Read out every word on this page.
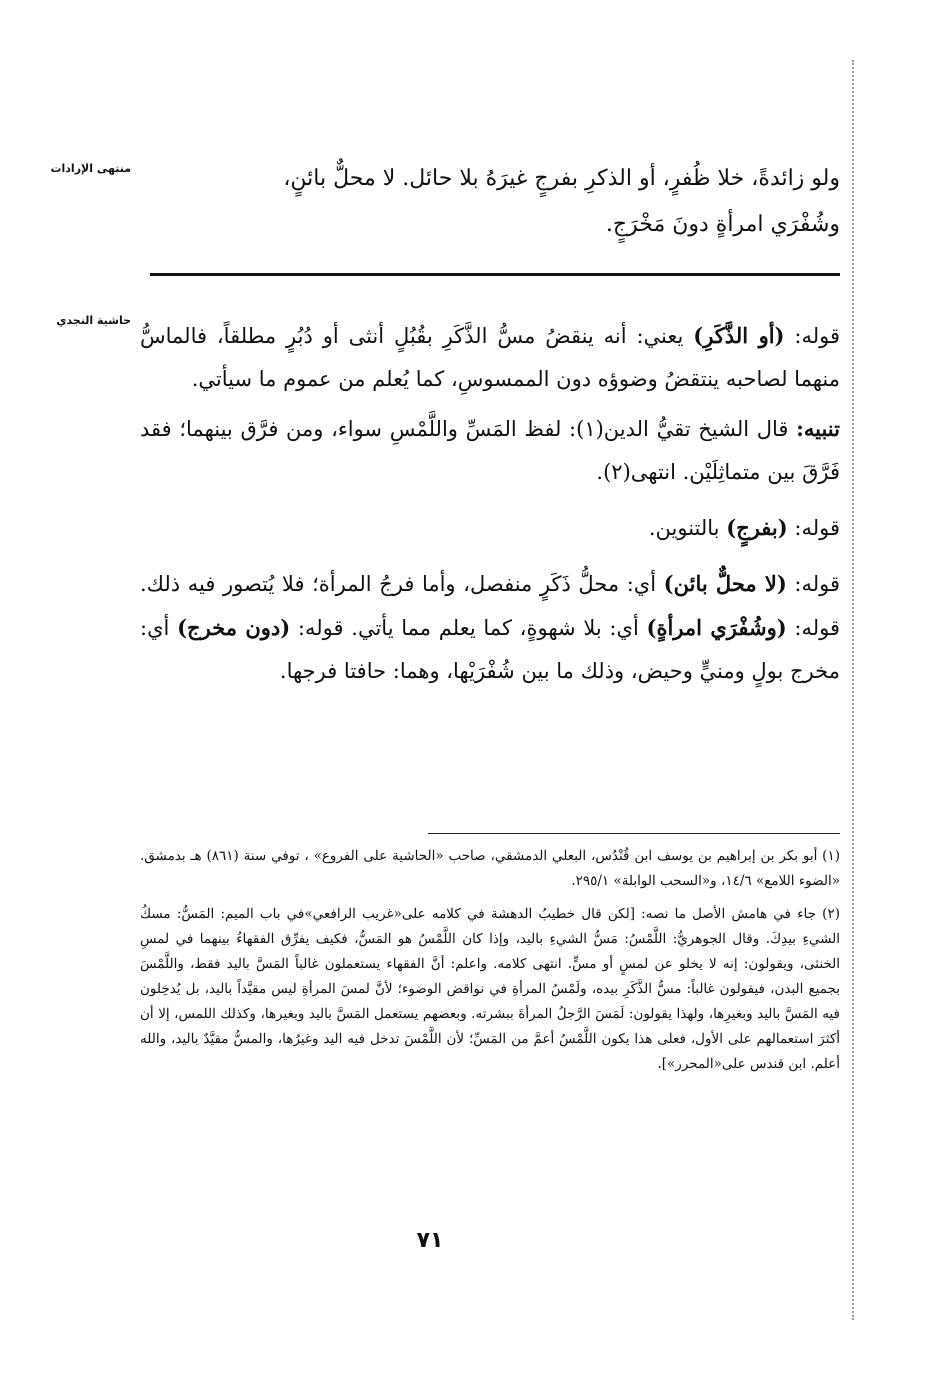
منتهى الإرادات
حاشية النجدي

ولو زائدةً، خلا ظُفرٍ، أو الذكرِ بفرجٍ غيرَهُ بلا حائل. لا محلٌّ بائنٍ،

وشُفْرَي امرأةٍ دونَ مَخْرَجٍ.

قوله: (أو الذَّكَرِ) يعني: أنه ينقضُ مسُّ الذَّكَرِ بقُبُلٍ أنثى أو دُبُرٍ مطلقاً، فالماسُّ منهما لصاحبه ينتقضُ وضوؤه دون الممسوسِ، كما يُعلم من عموم ما سيأتي.

تنبيه: قال الشيخ تقيُّ الدين(١): لفظ المَسِّ واللَّمْسِ سواء، ومن فرَّق بينهما؛ فقد فَرَّقَ بين متماثِلَيْن. انتهى(٢).

قوله: (بفرجٍ) بالتنوين.

قوله: (لا محلٌّ بائن) أي: محلُّ ذَكَرٍ منفصل، وأما فرجُ المرأة؛ فلا يُتصور فيه ذلك. قوله: (وشُفْرَي امرأةٍ) أي: بلا شهوةٍ، كما يعلم مما يأتي. قوله: (دون مخرج) أي: مخرج بولٍ ومنيٍّ وحيض، وذلك ما بين شُفْرَيْها، وهما: حافتا فرجها.

(١) أبو بكر بن إبراهيم بن يوسف ابن قُنْدُس، البعلي الدمشقي، صاحب «الحاشية على الفروع» ، توفي سنة (٨٦١) هـ بدمشق. «الضوء اللامع» ١٤/٦، و«السحب الوابلة» ٢٩٥/١.

(٢) جاء في هامش الأصل ما نصه: [لكن قال خطيبُ الدهشة في كلامه على«غريب الرافعي»في باب الميم: المَسُّ: مسكُ الشيءِ بيدِكَ. وقال الجوهريُّ: اللَّمْسُ: مَسُّ الشيءِ باليد، وإذا كان اللَّمْسُ هو المَسُّ، فكيف يفرِّق الفقهاءُ بينهما في لمسِ الخنثى، ويقولون: إنه لا يخلو عن لمسٍ أو مسٍّ. انتهى كلامه. واعلم: أنَّ الفقهاء يستعملون غالباً المَسَّ باليد فقط، واللَّمْسَ بجميع البدن، فيقولون غالباً: مسُّ الذَّكَرِ بيده، ولَمْسُ المرأةِ في نواقض الوضوء؛ لأنَّ لمسَ المرأةِ ليس مقيَّداً باليد، بل يُدخِلون فيه المَسَّ باليد وبغيرِها، ولهذا يقولون: لَمَسَ الرَّجلُ المرأةَ ببشرته. وبعضهم يستعمل المَسَّ باليد وبغيرها، وكذلك اللمس، إلا أن أكثرَ استعمالهم على الأول، فعلى هذا يكون اللَّمْسُ أعمَّ من المَسِّ؛ لأن اللَّمْسَ تدخل فيه اليد وغيرُها، والمسُّ مقيَّدٌ باليد، والله أعلم. ابن قندس على«المحرر»].

٧١
